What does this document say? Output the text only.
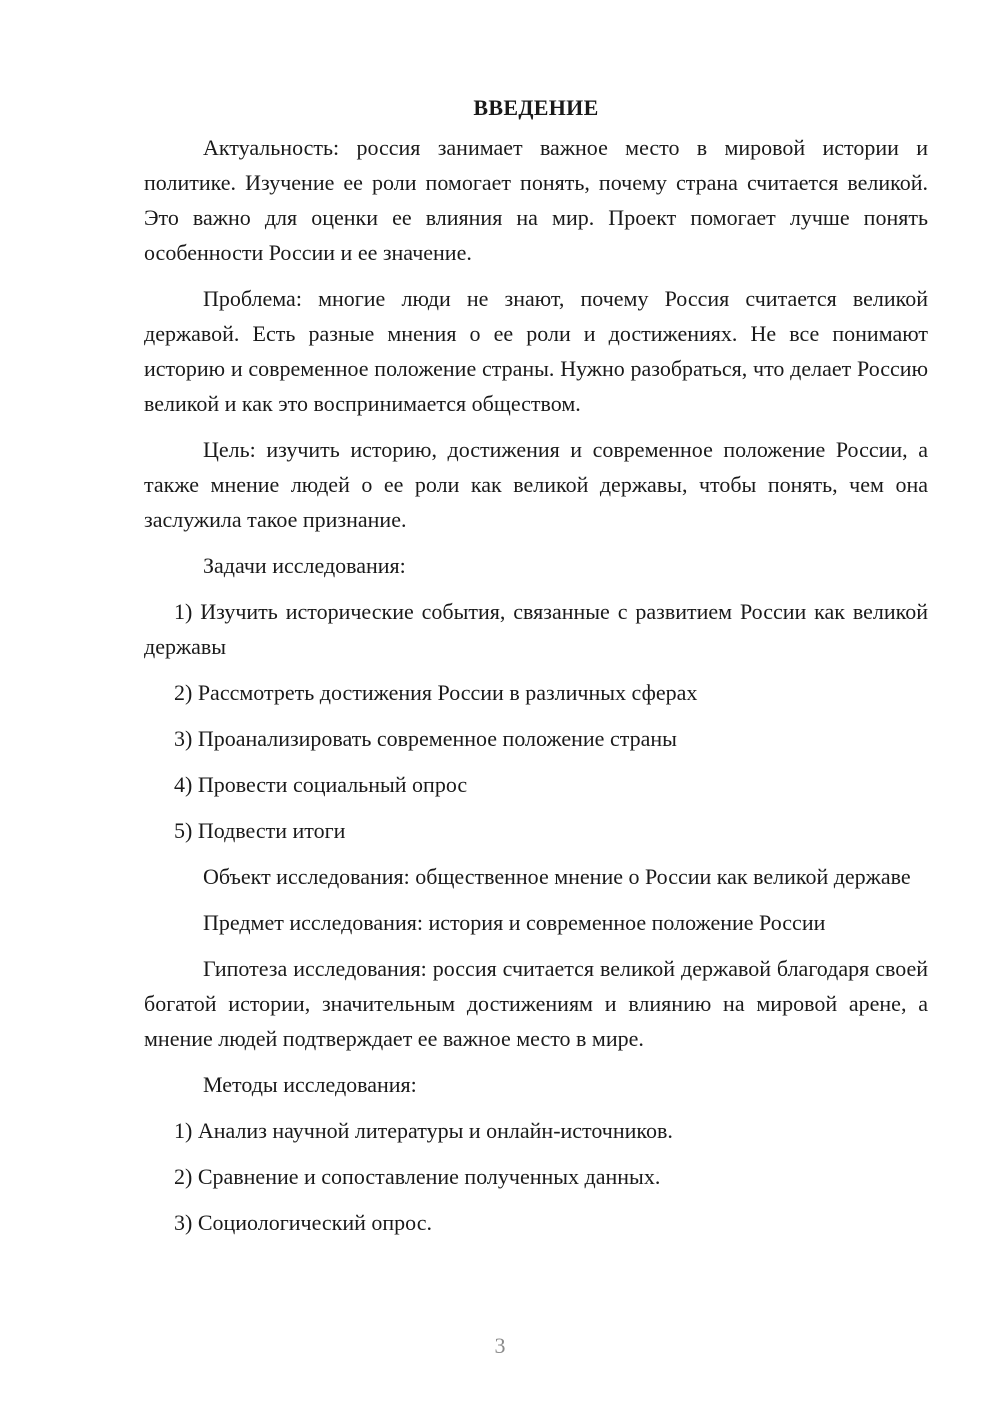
ВВЕДЕНИЕ

Актуальность: россия занимает важное место в мировой истории и политике. Изучение ее роли помогает понять, почему страна считается великой. Это важно для оценки ее влияния на мир. Проект помогает лучше понять особенности России и ее значение.

Проблема: многие люди не знают, почему Россия считается великой державой. Есть разные мнения о ее роли и достижениях. Не все понимают историю и современное положение страны. Нужно разобраться, что делает Россию великой и как это воспринимается обществом.

Цель: изучить историю, достижения и современное положение России, а также мнение людей о ее роли как великой державы, чтобы понять, чем она заслужила такое признание.

Задачи исследования:

1) Изучить исторические события, связанные с развитием России как великой державы

2) Рассмотреть достижения России в различных сферах

3) Проанализировать современное положение страны

4) Провести социальный опрос

5) Подвести итоги

Объект исследования: общественное мнение о России как великой державе

Предмет исследования: история и современное положение России

Гипотеза исследования: россия считается великой державой благодаря своей богатой истории, значительным достижениям и влиянию на мировой арене, а мнение людей подтверждает ее важное место в мире.

Методы исследования:

1) Анализ научной литературы и онлайн-источников.

2) Сравнение и сопоставление полученных данных.

3) Социологический опрос.

3
